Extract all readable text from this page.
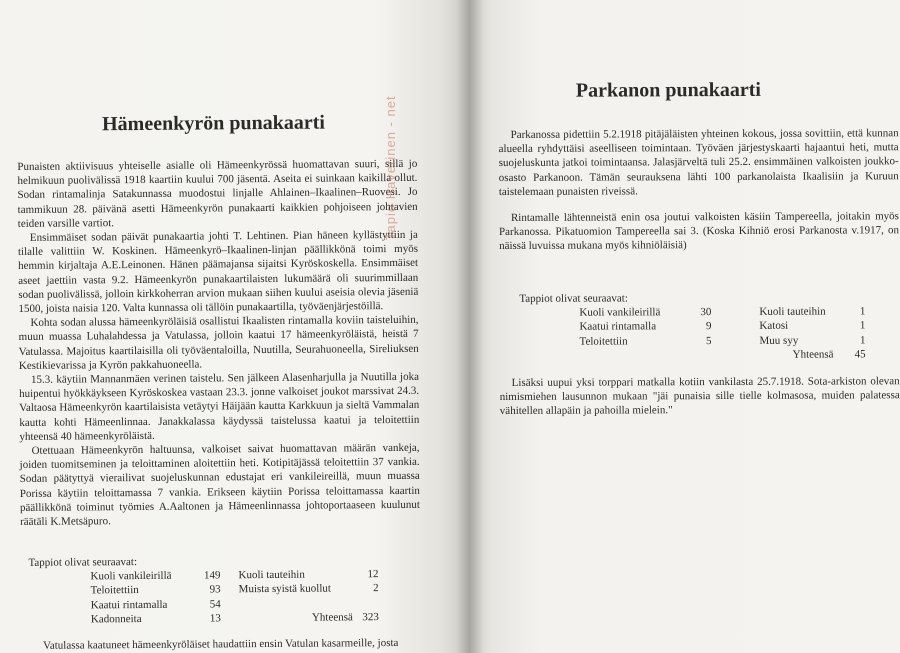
Hämeenkyrön punakaarti

Punaisten aktiivisuus yhteiselle asialle oli Hämeenkyrössä huomattavan suuri, sillä jo helmikuun puolivälissä 1918 kaartiin kuului 700 jäsentä. Aseita ei suinkaan kaikilla ollut. Sodan rintamalinja Satakunnassa muodostui linjalle Ahlainen–Ikaalinen–Ruovesi. Jo tammikuun 28. päivänä asetti Hämeenkyrön punakaarti kaikkien pohjoiseen johtavien teiden varsille vartiot.

Ensimmäiset sodan päivät punakaartia johti T. Lehtinen. Pian häneen kyllästyttiin ja tilalle valittiin W. Koskinen. Hämeenkyrö–Ikaalinen-linjan päällikkönä toimi myös hemmin kirjaltaja A.E.Leinonen. Hänen päämajansa sijaitsi Kyröskoskella. Ensimmäiset aseet jaettiin vasta 9.2. Hämeenkyrön punakaartilaisten lukumäärä oli suurimmillaan sodan puolivälissä, jolloin kirkkoherran arvion mukaan siihen kuului aseisia olevia jäseniä 1500, joista naisia 120. Valta kunnassa oli tällöin punakaartilla, työväenjärjestöillä.

Kohta sodan alussa hämeenkyröläisiä osallistui Ikaalisten rintamalla koviin taisteluihin, muun muassa Luhalahdessa ja Vatulassa, jolloin kaatui 17 hämeenkyröläistä, heistä 7 Vatulassa. Majoitus kaartilaisilla oli työväentaloilla, Nuutilla, Seurahuoneella, Sireliuksen Kestikievarissa ja Kyrön pakkahuoneella.

15.3. käytiin Mannanmäen verinen taistelu. Sen jälkeen Alasenharjulla ja Nuutilla joka huipentui hyökkäykseen Kyröskoskea vastaan 23.3. jonne valkoiset joukot marssivat 24.3. Valtaosa Hämeenkyrön kaartilaisista vetäytyi Häijään kautta Karkkuun ja sieltä Vammalan kautta kohti Hämeenlinnaa. Janakkalassa käydyssä taistelussa kaatui ja teloitettiin yhteensä 40 hämeenkyröläistä.

Otettuaan Hämeenkyrön haltuunsa, valkoiset saivat huomattavan määrän vankeja, joiden tuomitseminen ja teloittaminen aloitettiin heti. Kotipitäjässä teloitettiin 37 vankia. Sodan päätyttyä vierailivat suojeluskunnan edustajat eri vankileireillä, muun muassa Porissa käytiin teloittamassa 7 vankia. Erikseen käytiin Porissa teloittamassa kaartin päällikkönä toiminut työmies A.Aaltonen ja Hämeenlinnassa johtoportaaseen kuulunut räätäli K.Metsäpuro.

Tappiot olivat seuraavat:
	Kuoli vankileirillä	149		Kuoli tauteihin	12
	Teloitettiin	93		Muista syistä kuollut	2
	Kaatui rintamalla	54			
	Kadonneita	13		Yhteensä	323
Vatulassa kaatuneet hämeenkyröläiset haudattiin ensin Vatulan kasarmeille, josta
Tapio Haverinen - net
Parkanon punakaarti

Parkanossa pidettiin 5.2.1918 pitäjäläisten yhteinen kokous, jossa sovittiin, että kunnan alueella ryhdyttäisi aseelliseen toimintaan. Työväen järjestyskaarti hajaantui heti, mutta suojeluskunta jatkoi toimintaansa. Jalasjärveltä tuli 25.2. ensimmäinen valkoisten joukko-osasto Parkanoon. Tämän seurauksena lähti 100 parkanolaista Ikaalisiin ja Kuruun taistelemaan punaisten riveissä.

Rintamalle lähtenneistä enin osa joutui valkoisten käsiin Tampereella, joitakin myös Parkanossa. Pikatuomion Tampereella sai 3. (Koska Kihniö erosi Parkanosta v.1917, on näissä luvuissa mukana myös kihniöläisiä)

Tappiot olivat seuraavat:
	Kuoli vankileirillä	30		Kuoli tauteihin	1
	Kaatui rintamalla	9		Katosi	1
	Teloitettiin	5		Muu syy	1
				Yhteensä	45

Lisäksi uupui yksi torppari matkalla kotiin vankilasta 25.7.1918. Sota-arkiston olevan nimismiehen lausunnon mukaan "jäi punaisia sille tielle kolmasosa, muiden palatessa vähitellen allapäin ja pahoilla mielein."
